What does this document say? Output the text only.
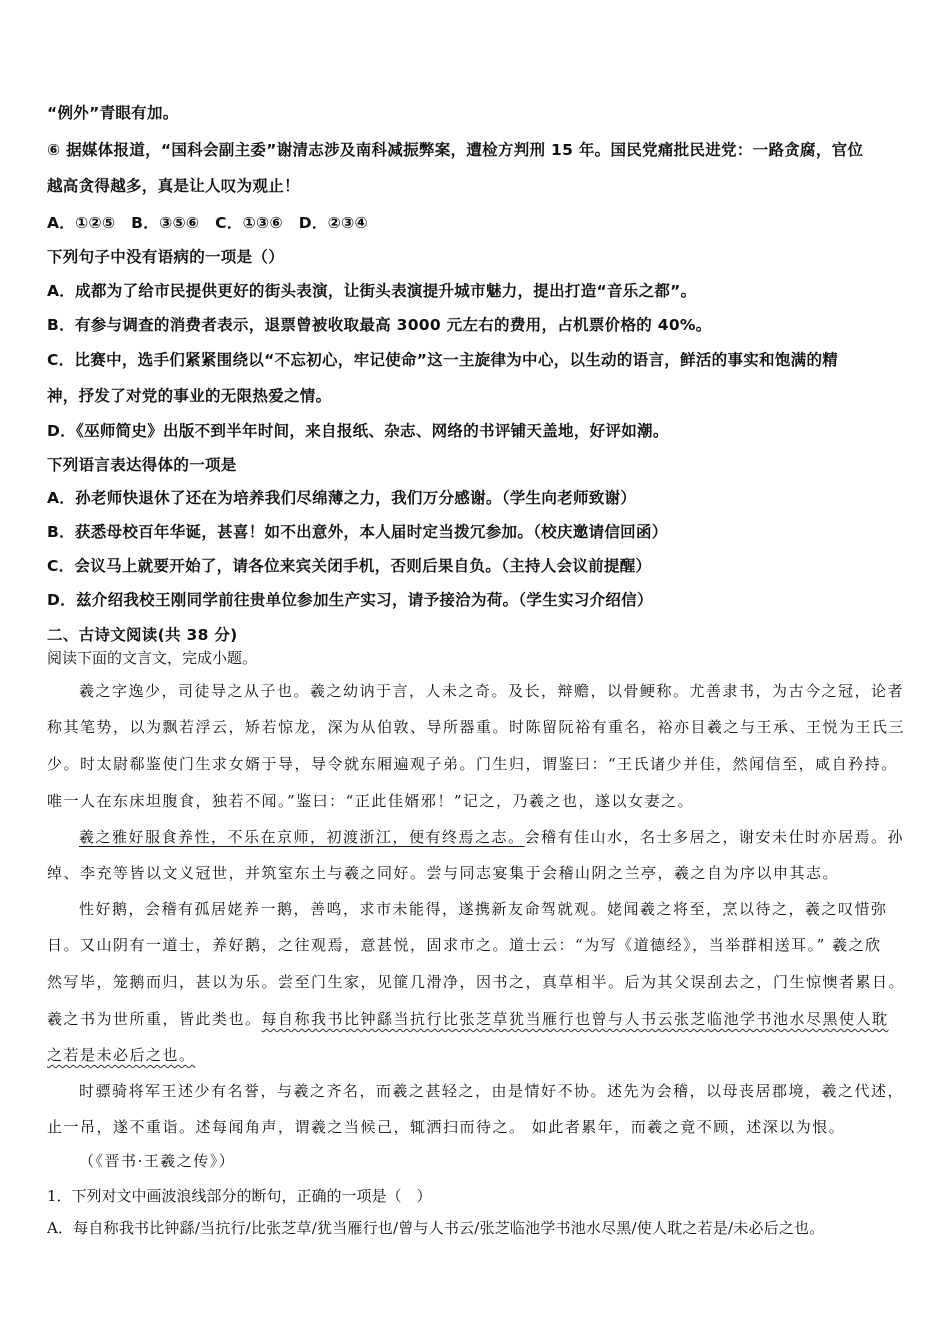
“例外”青眼有加。
⑥ 据媒体报道，“国科会副主委”谢清志涉及南科减振弊案，遭检方判刑 15 年。国民党痛批民进党：一路贪腐，官位
越高贪得越多，真是让人叹为观止！
A．①②⑤　B．③⑤⑥　C．①③⑥　D．②③④
下列句子中没有语病的一项是（）
A．成都为了给市民提供更好的街头表演，让街头表演提升城市魅力，提出打造“音乐之都”。
B．有参与调查的消费者表示，退票曾被收取最高 3000 元左右的费用，占机票价格的 40%。
C．比赛中，选手们紧紧围绕以“不忘初心，牢记使命”这一主旋律为中心，以生动的语言，鲜活的事实和饱满的精
神，抒发了对党的事业的无限热爱之情。
D．《巫师简史》出版不到半年时间，来自报纸、杂志、网络的书评铺天盖地，好评如潮。
下列语言表达得体的一项是
A．孙老师快退休了还在为培养我们尽绵薄之力，我们万分感谢。（学生向老师致谢）
B．获悉母校百年华诞，甚喜！如不出意外，本人届时定当拨冗参加。（校庆邀请信回函）
C．会议马上就要开始了，请各位来宾关闭手机，否则后果自负。（主持人会议前提醒）
D．兹介绍我校王刚同学前往贵单位参加生产实习，请予接洽为荷。（学生实习介绍信）
二、古诗文阅读(共 38 分)
阅读下面的文言文，完成小题。
羲之字逸少，司徒导之从子也。羲之幼讷于言，人未之奇。及长，辩赡，以骨鲠称。尤善隶书，为古今之冠，论者
称其笔势，以为飘若浮云，矫若惊龙，深为从伯敦、导所器重。时陈留阮裕有重名，裕亦目羲之与王承、王悦为王氏三
少。时太尉郗鉴使门生求女婿于导，导令就东厢遍观子弟。门生归，谓鉴曰：“王氏诸少并佳，然闻信至，咸自矜持。
唯一人在东床坦腹食，独若不闻。”鉴曰：“正此佳婿邪！”记之，乃羲之也，遂以女妻之。
羲之雅好服食养性，不乐在京师，初渡浙江，便有终焉之志。会稽有佳山水，名士多居之，谢安未仕时亦居焉。孙
绰、李充等皆以文义冠世，并筑室东土与羲之同好。尝与同志宴集于会稽山阴之兰亭，羲之自为序以申其志。
性好鹅，会稽有孤居姥养一鹅，善鸣，求市未能得，遂携新友命驾就观。姥闻羲之将至，烹以待之，羲之叹惜弥
日。又山阴有一道士，养好鹅，之往观焉，意甚悦，固求市之。道士云：“为写《道德经》，当举群相送耳。” 羲之欣
然写毕，笼鹅而归，甚以为乐。尝至门生家，见篚几滑净，因书之，真草相半。后为其父误刮去之，门生惊懊者累日。
羲之书为世所重，皆此类也。每自称我书比钟繇当抗行比张芝草犹当雁行也曾与人书云张芝临池学书池水尽黑使人耽
之若是未必后之也。
时骠骑将军王述少有名誉，与羲之齐名，而羲之甚轻之，由是情好不协。述先为会稽，以母丧居郡境，羲之代述，
止一吊，遂不重诣。述每闻角声，谓羲之当候己，辄洒扫而待之。 如此者累年，而羲之竟不顾，述深以为恨。
（《晋书·王羲之传》）
1．下列对文中画波浪线部分的断句，正确的一项是（　）
A．每自称我书比钟繇/当抗行/比张芝草/犹当雁行也/曾与人书云/张芝临池学书池水尽黑/使人耽之若是/未必后之也。
